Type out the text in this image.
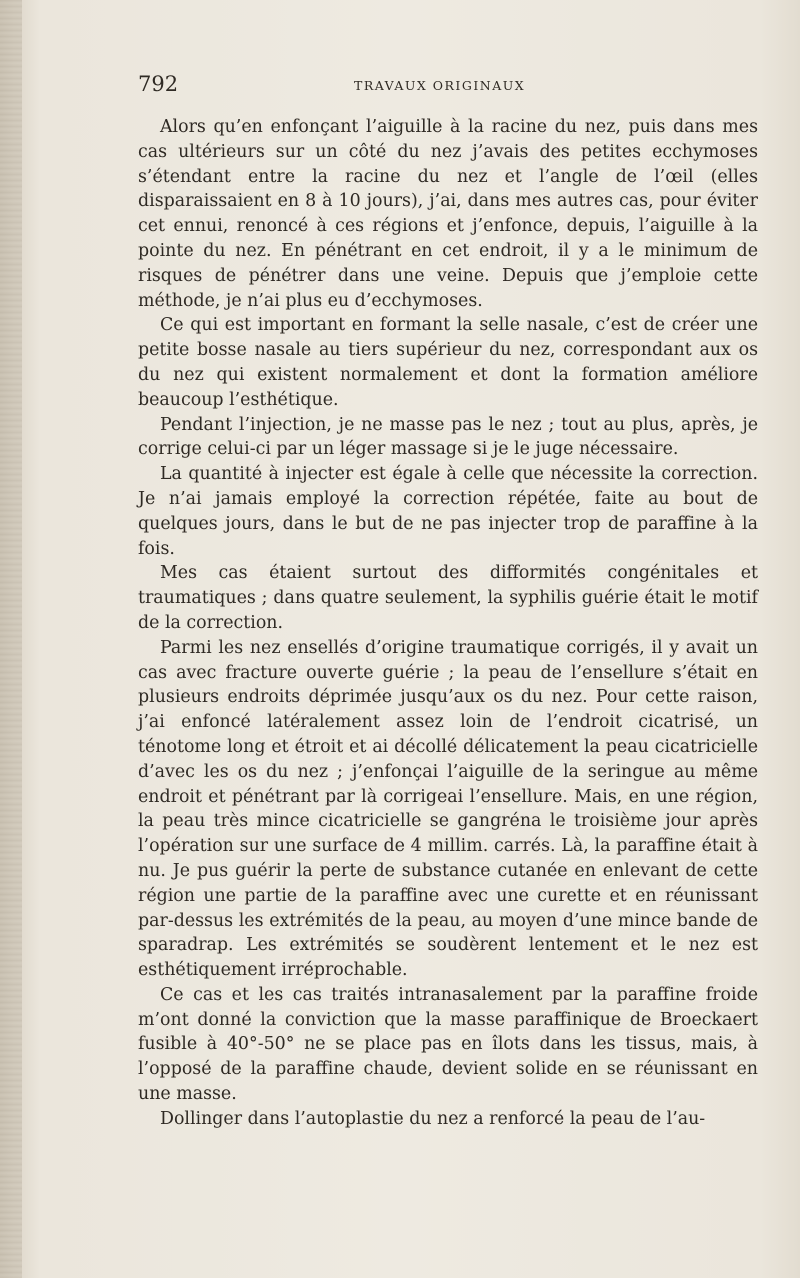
792	TRAVAUX ORIGINAUX

Alors qu’en enfonçant l’aiguille à la racine du nez, puis dans mes cas ultérieurs sur un côté du nez j’avais des petites ecchymoses s’étendant entre la racine du nez et l’angle de l’œil (elles disparaissaient en 8 à 10 jours), j’ai, dans mes autres cas, pour éviter cet ennui, renoncé à ces régions et j’enfonce, depuis, l’aiguille à la pointe du nez. En pénétrant en cet endroit, il y a le minimum de risques de pénétrer dans une veine. Depuis que j’emploie cette méthode, je n’ai plus eu d’ecchymoses.

Ce qui est important en formant la selle nasale, c’est de créer une petite bosse nasale au tiers supérieur du nez, correspondant aux os du nez qui existent normalement et dont la formation améliore beaucoup l’esthétique.

Pendant l’injection, je ne masse pas le nez ; tout au plus, après, je corrige celui-ci par un léger massage si je le juge nécessaire.

La quantité à injecter est égale à celle que nécessite la correction. Je n’ai jamais employé la correction répétée, faite au bout de quelques jours, dans le but de ne pas injecter trop de paraffine à la fois.

Mes cas étaient surtout des difformités congénitales et traumatiques ; dans quatre seulement, la syphilis guérie était le motif de la correction.

Parmi les nez ensellés d’origine traumatique corrigés, il y avait un cas avec fracture ouverte guérie ; la peau de l’ensellure s’était en plusieurs endroits déprimée jusqu’aux os du nez. Pour cette raison, j’ai enfoncé latéralement assez loin de l’endroit cicatrisé, un ténotome long et étroit et ai décollé délicatement la peau cicatricielle d’avec les os du nez ; j’enfonçai l’aiguille de la seringue au même endroit et pénétrant par là corrigeai l’ensellure. Mais, en une région, la peau très mince cicatricielle se gangréna le troisième jour après l’opération sur une surface de 4 millim. carrés. Là, la paraffine était à nu. Je pus guérir la perte de substance cutanée en enlevant de cette région une partie de la paraffine avec une curette et en réunissant par-dessus les extrémités de la peau, au moyen d’une mince bande de sparadrap. Les extrémités se soudèrent lentement et le nez est esthétiquement irréprochable.

Ce cas et les cas traités intranasalement par la paraffine froide m’ont donné la conviction que la masse paraffinique de Broeckaert fusible à 40°-50° ne se place pas en îlots dans les tissus, mais, à l’opposé de la paraffine chaude, devient solide en se réunissant en une masse.

Dollinger dans l’autoplastie du nez a renforcé la peau de l’au-
